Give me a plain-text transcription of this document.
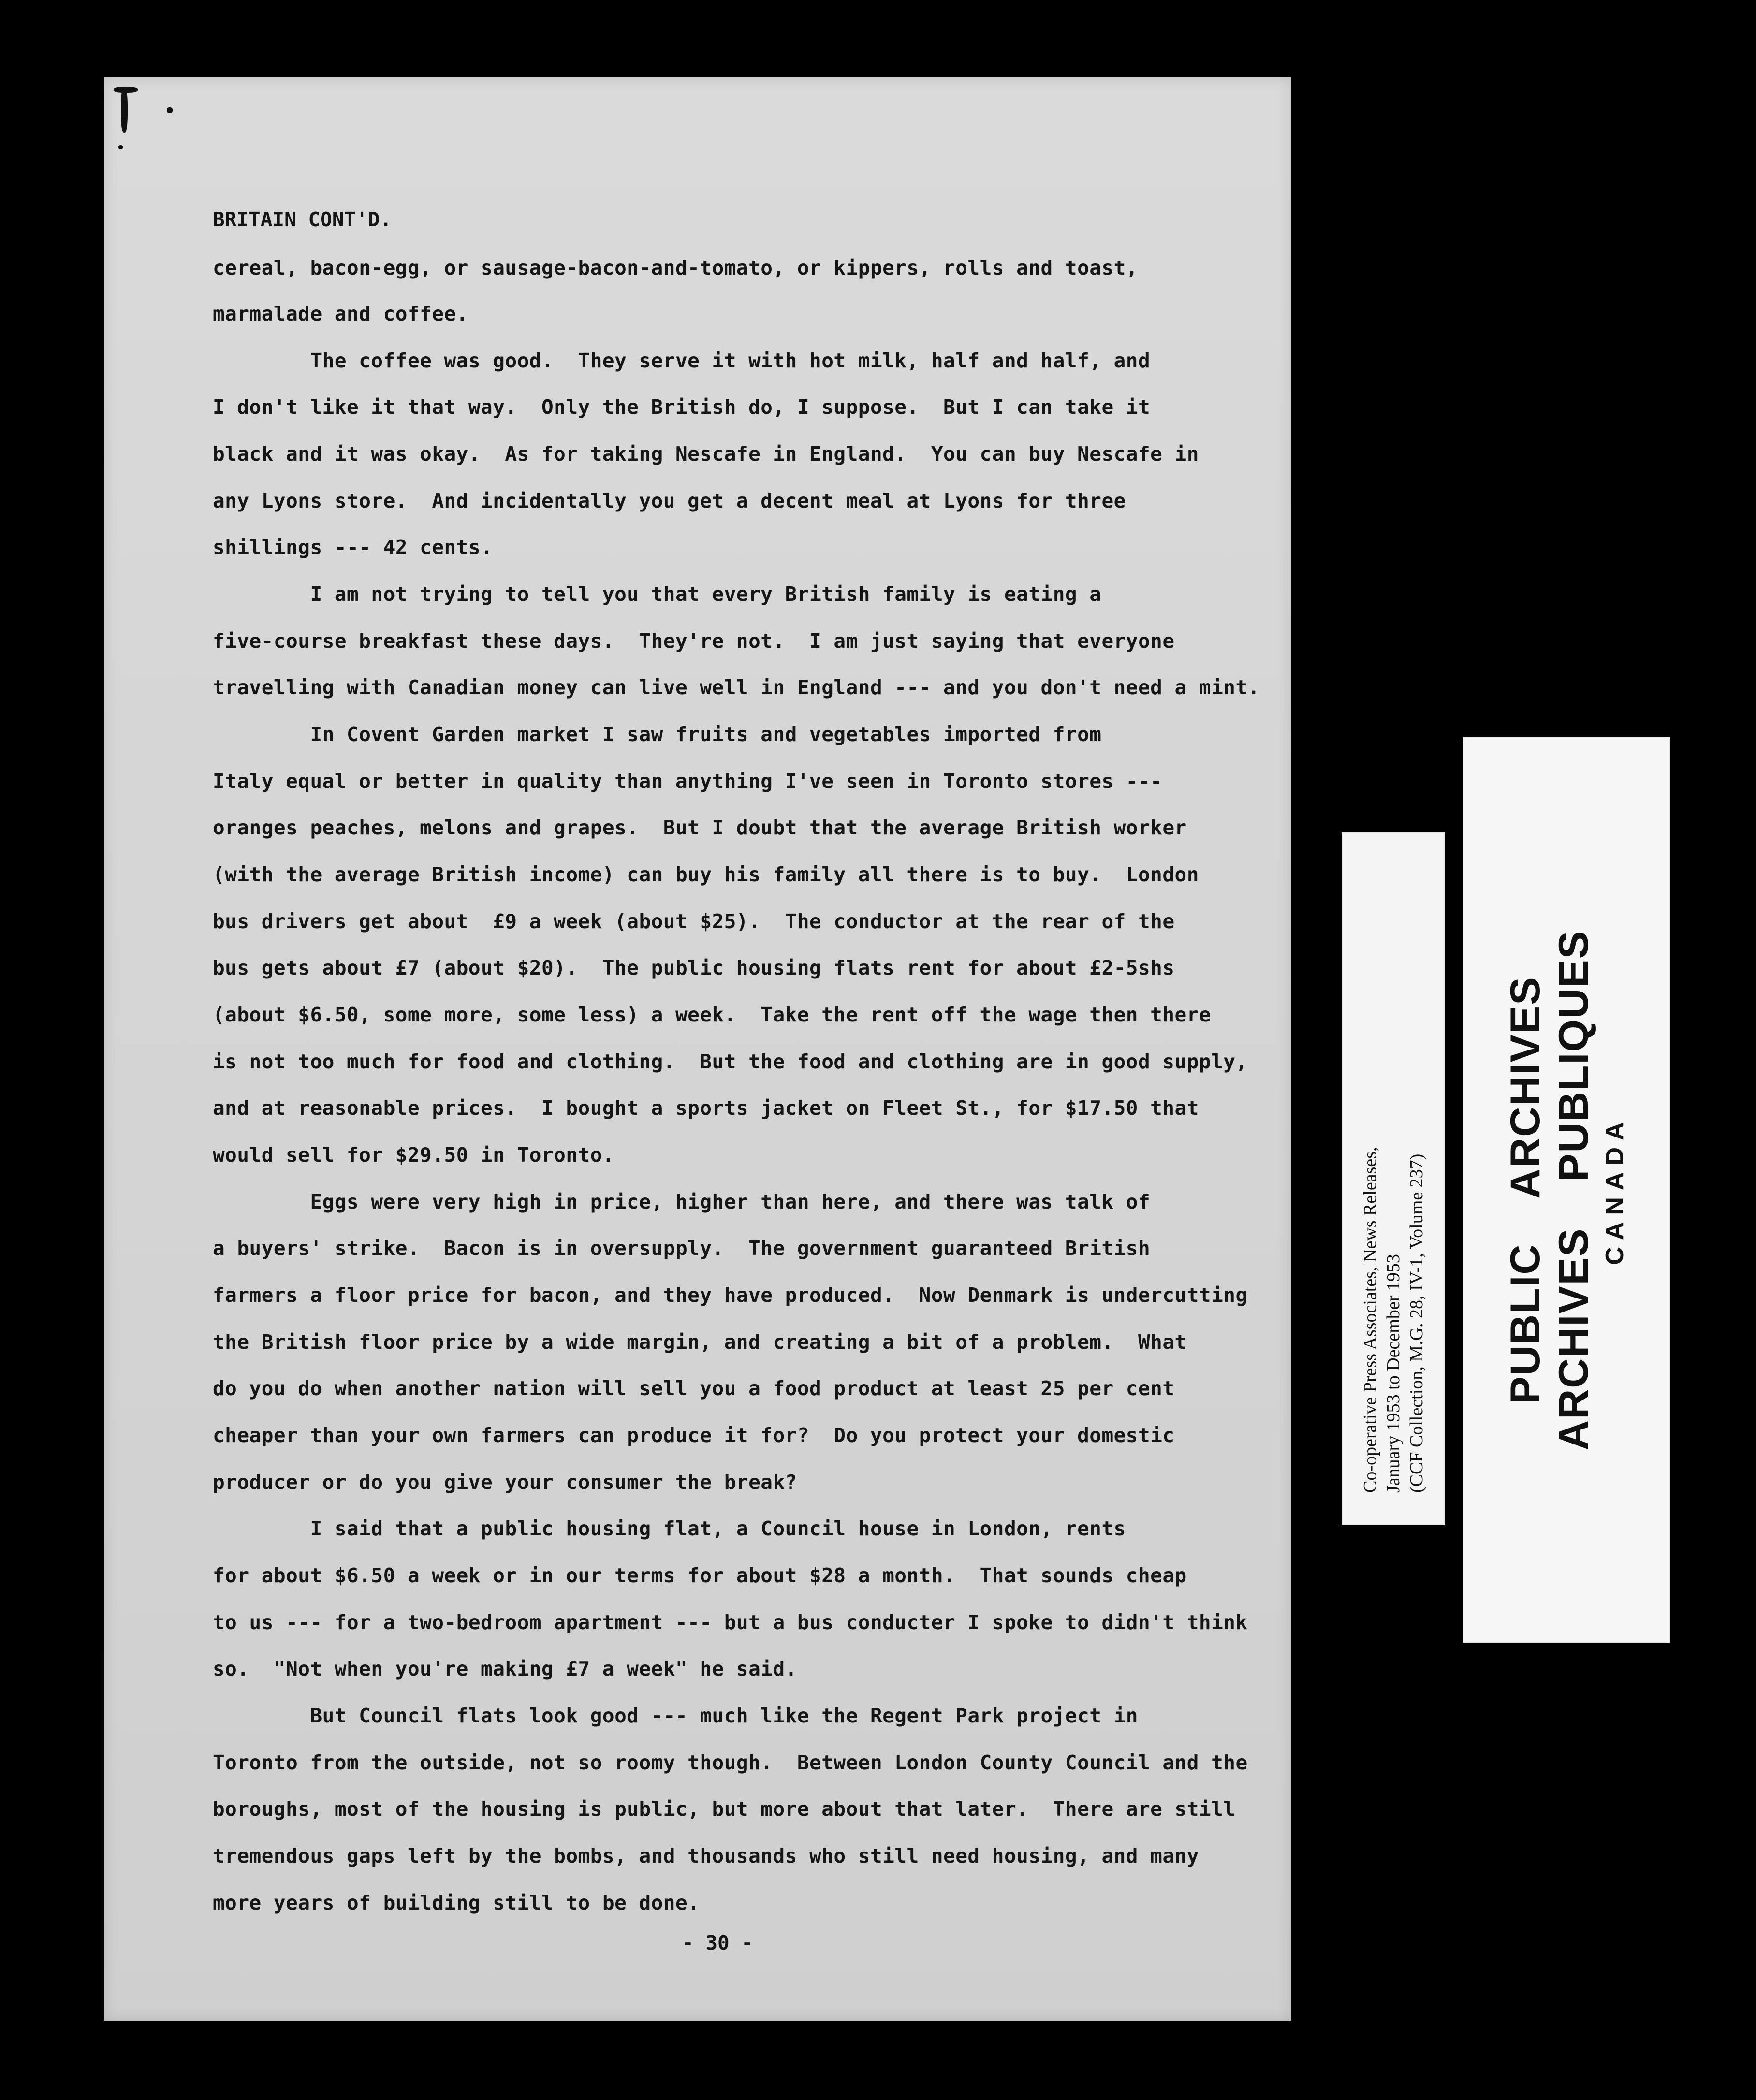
BRITAIN CONT'D.
cereal, bacon-egg, or sausage-bacon-and-tomato, or kippers, rolls and toast,
marmalade and coffee.
The coffee was good.  They serve it with hot milk, half and half, and
I don't like it that way.  Only the British do, I suppose.  But I can take it
black and it was okay.  As for taking Nescafe in England.  You can buy Nescafe in
any Lyons store.  And incidentally you get a decent meal at Lyons for three
shillings --- 42 cents.
I am not trying to tell you that every British family is eating a
five-course breakfast these days.  They're not.  I am just saying that everyone
travelling with Canadian money can live well in England --- and you don't need a mint.
In Covent Garden market I saw fruits and vegetables imported from
Italy equal or better in quality than anything I've seen in Toronto stores ---
oranges peaches, melons and grapes.  But I doubt that the average British worker
(with the average British income) can buy his family all there is to buy.  London
bus drivers get about  £9 a week (about $25).  The conductor at the rear of the
bus gets about £7 (about $20).  The public housing flats rent for about £2-5shs
(about $6.50, some more, some less) a week.  Take the rent off the wage then there
is not too much for food and clothing.  But the food and clothing are in good supply,
and at reasonable prices.  I bought a sports jacket on Fleet St., for $17.50 that
would sell for $29.50 in Toronto.
Eggs were very high in price, higher than here, and there was talk of
a buyers' strike.  Bacon is in oversupply.  The government guaranteed British
farmers a floor price for bacon, and they have produced.  Now Denmark is undercutting
the British floor price by a wide margin, and creating a bit of a problem.  What
do you do when another nation will sell you a food product at least 25 per cent
cheaper than your own farmers can produce it for?  Do you protect your domestic
producer or do you give your consumer the break?
I said that a public housing flat, a Council house in London, rents
for about $6.50 a week or in our terms for about $28 a month.  That sounds cheap
to us --- for a two-bedroom apartment --- but a bus conducter I spoke to didn't think
so.  "Not when you're making £7 a week" he said.
But Council flats look good --- much like the Regent Park project in
Toronto from the outside, not so roomy though.  Between London County Council and the
boroughs, most of the housing is public, but more about that later.  There are still
tremendous gaps left by the bombs, and thousands who still need housing, and many
more years of building still to be done.
- 30 -
Co-operative Press Associates, News Releases, January 1953 to December 1953 (CCF Collection, M.G. 28, IV-1, Volume 237) PUBLIC ARCHIVES ARCHIVES PUBLIQUES CANADA
